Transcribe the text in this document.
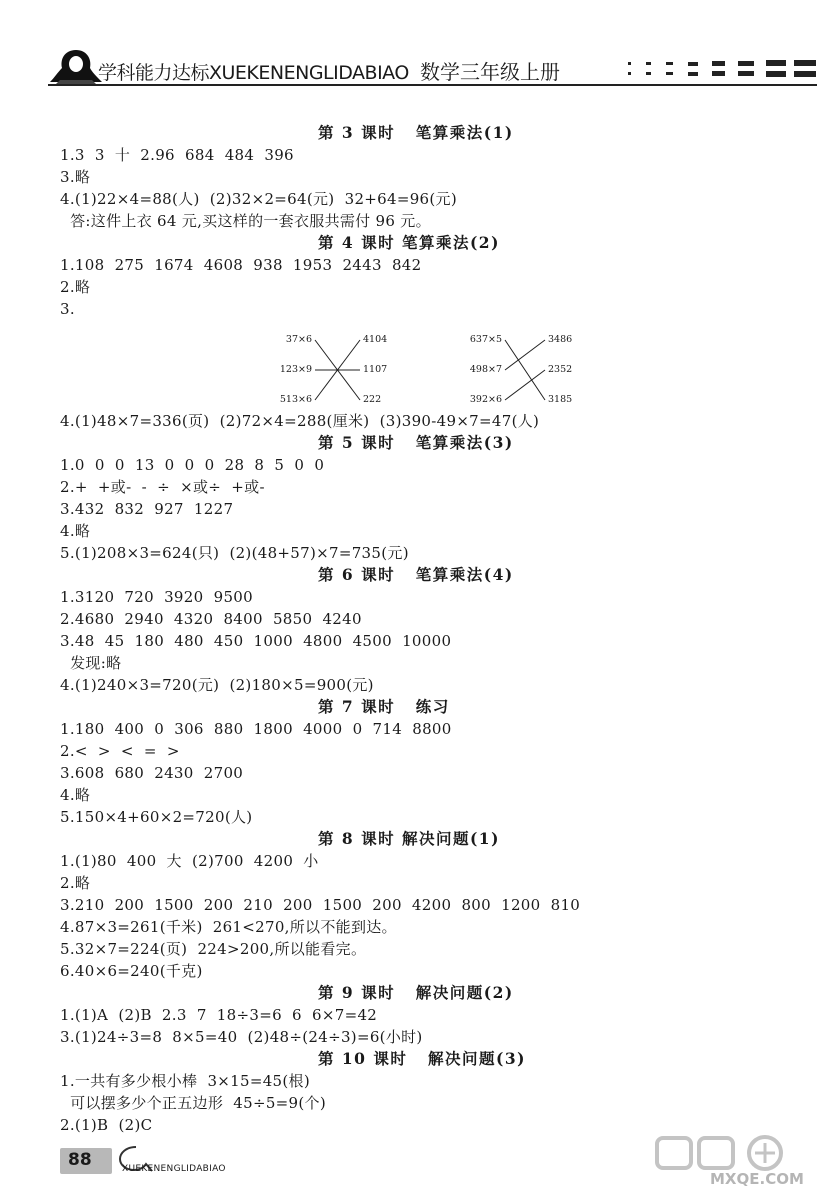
学科能力达标XUEKENENGLIDABIAO 数学三年级上册
第 3 课时   笔算乘法(1)
1.3  3  十  2.96  684  484  396
3.略
4.(1)22×4=88(人)  (2)32×2=64(元)  32+64=96(元)
答:这件上衣 64 元,买这样的一套衣服共需付 96 元。
第 4 课时 笔算乘法(2)
1.108  275  1674  4608  938  1953  2443  842
2.略
3.
37×6
123×9
513×6
4104
1107
222
637×5
498×7
392×6
3486
2352
3185
4.(1)48×7=336(页)  (2)72×4=288(厘米)  (3)390-49×7=47(人)
第 5 课时   笔算乘法(3)
1.0  0  0  13  0  0  0  28  8  5  0  0
2.+  +或-  -  ÷  ×或÷  +或-
3.432  832  927  1227
4.略
5.(1)208×3=624(只)  (2)(48+57)×7=735(元)
第 6 课时   笔算乘法(4)
1.3120  720  3920  9500
2.4680  2940  4320  8400  5850  4240
3.48  45  180  480  450  1000  4800  4500  10000
发现:略
4.(1)240×3=720(元)  (2)180×5=900(元)
第 7 课时   练习
1.180  400  0  306  880  1800  4000  0  714  8800
2.<  >  <  =  >
3.608  680  2430  2700
4.略
5.150×4+60×2=720(人)
第 8 课时 解决问题(1)
1.(1)80  400  大  (2)700  4200  小
2.略
3.210  200  1500  200  210  200  1500  200  4200  800  1200  810
4.87×3=261(千米)  261<270,所以不能到达。
5.32×7=224(页)  224>200,所以能看完。
6.40×6=240(千克)
第 9 课时   解决问题(2)
1.(1)A  (2)B  2.3  7  18÷3=6  6  6×7=42
3.(1)24÷3=8  8×5=40  (2)48÷(24÷3)=6(小时)
第 10 课时   解决问题(3)
1.一共有多少根小棒  3×15=45(根)
可以摆多少个正五边形  45÷5=9(个)
2.(1)B  (2)C
88	XUEKENENGLIDABIAO
MXQE.COM
